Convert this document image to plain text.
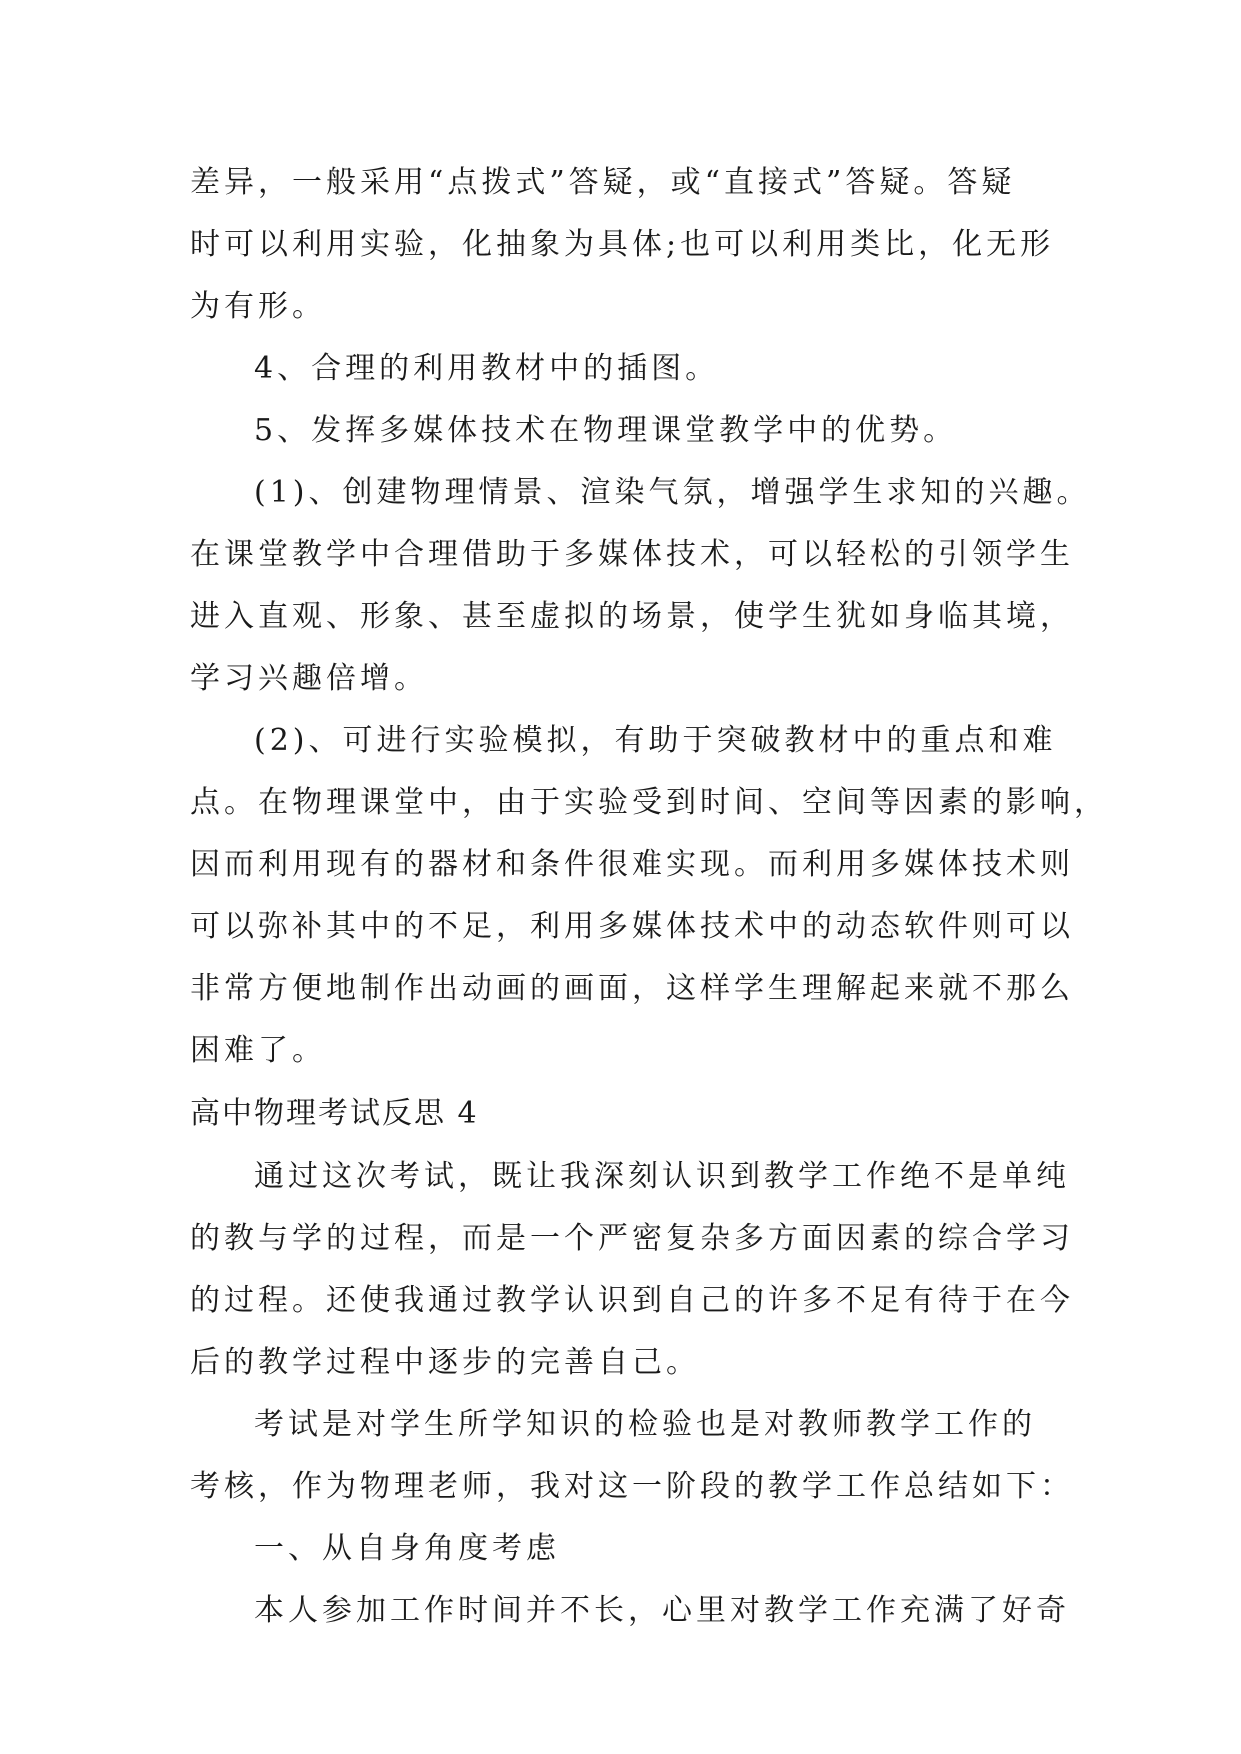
差异，一般采用“点拨式”答疑，或“直接式”答疑。答疑
时可以利用实验，化抽象为具体;也可以利用类比，化无形
为有形。
4、合理的利用教材中的插图。
5、发挥多媒体技术在物理课堂教学中的优势。
(1)、创建物理情景、渲染气氛，增强学生求知的兴趣。
在课堂教学中合理借助于多媒体技术，可以轻松的引领学生
进入直观、形象、甚至虚拟的场景，使学生犹如身临其境，
学习兴趣倍增。
(2)、可进行实验模拟，有助于突破教材中的重点和难
点。在物理课堂中，由于实验受到时间、空间等因素的影响，
因而利用现有的器材和条件很难实现。而利用多媒体技术则
可以弥补其中的不足，利用多媒体技术中的动态软件则可以
非常方便地制作出动画的画面，这样学生理解起来就不那么
困难了。
高中物理考试反思 4
通过这次考试，既让我深刻认识到教学工作绝不是单纯
的教与学的过程，而是一个严密复杂多方面因素的综合学习
的过程。还使我通过教学认识到自己的许多不足有待于在今
后的教学过程中逐步的完善自己。
考试是对学生所学知识的检验也是对教师教学工作的
考核，作为物理老师，我对这一阶段的教学工作总结如下：
一、从自身角度考虑
本人参加工作时间并不长，心里对教学工作充满了好奇
